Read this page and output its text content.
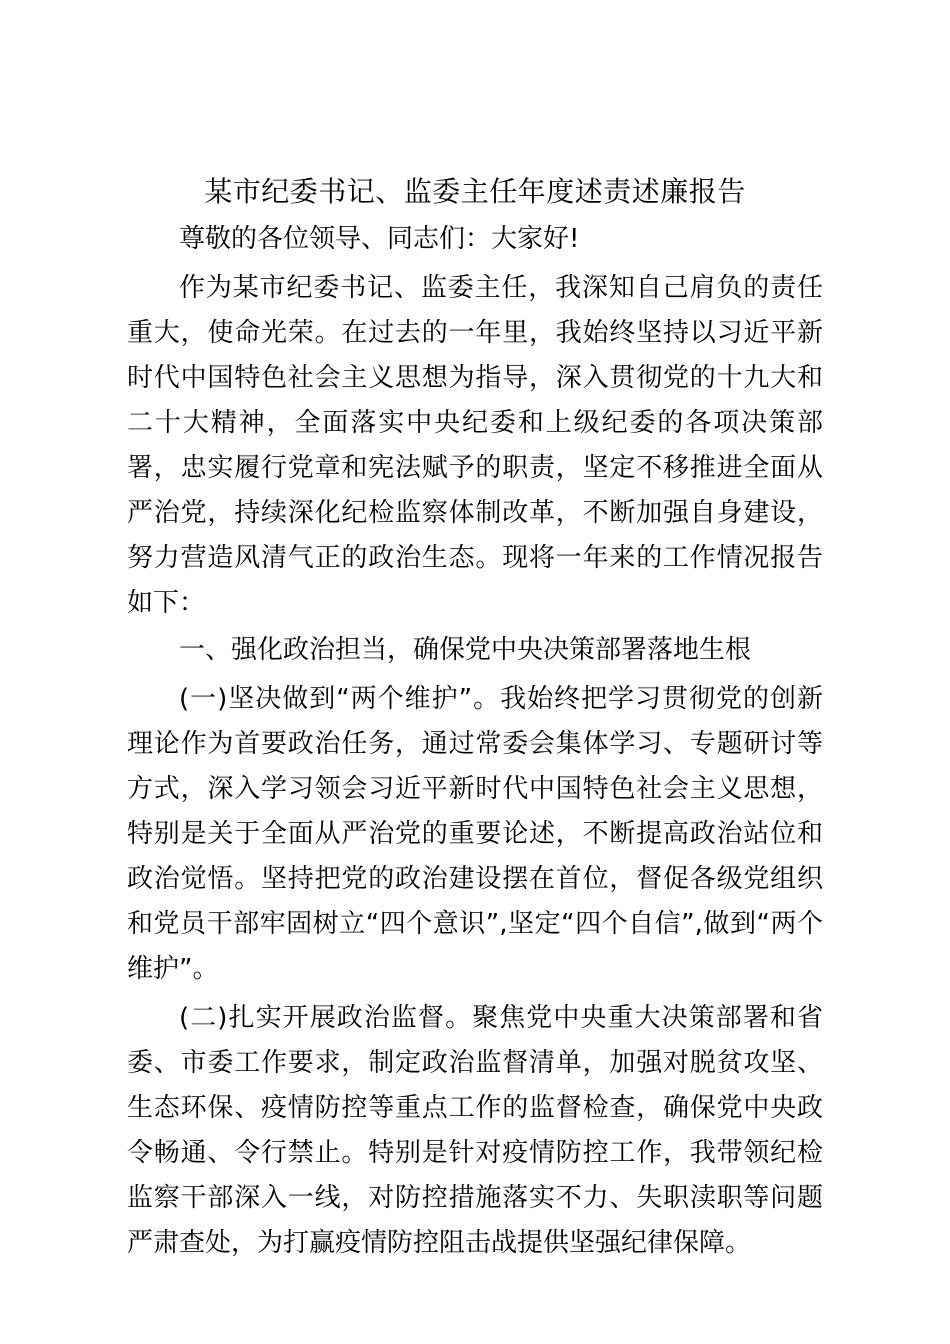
某市纪委书记、监委主任年度述责述廉报告

尊敬的各位领导、同志们：大家好!

作为某市纪委书记、监委主任，我深知自己肩负的责任重大，使命光荣。在过去的一年里，我始终坚持以习近平新时代中国特色社会主义思想为指导，深入贯彻党的十九大和二十大精神，全面落实中央纪委和上级纪委的各项决策部署，忠实履行党章和宪法赋予的职责，坚定不移推进全面从严治党，持续深化纪检监察体制改革，不断加强自身建设，努力营造风清气正的政治生态。现将一年来的工作情况报告如下：

一、强化政治担当，确保党中央决策部署落地生根

(一)坚决做到“两个维护”。我始终把学习贯彻党的创新理论作为首要政治任务，通过常委会集体学习、专题研讨等方式，深入学习领会习近平新时代中国特色社会主义思想，特别是关于全面从严治党的重要论述，不断提高政治站位和政治觉悟。坚持把党的政治建设摆在首位，督促各级党组织和党员干部牢固树立“四个意识”,坚定“四个自信”,做到“两个维护”。

(二)扎实开展政治监督。聚焦党中央重大决策部署和省委、市委工作要求，制定政治监督清单，加强对脱贫攻坚、生态环保、疫情防控等重点工作的监督检查，确保党中央政令畅通、令行禁止。特别是针对疫情防控工作，我带领纪检监察干部深入一线，对防控措施落实不力、失职渎职等问题严肃查处，为打赢疫情防控阻击战提供坚强纪律保障。
